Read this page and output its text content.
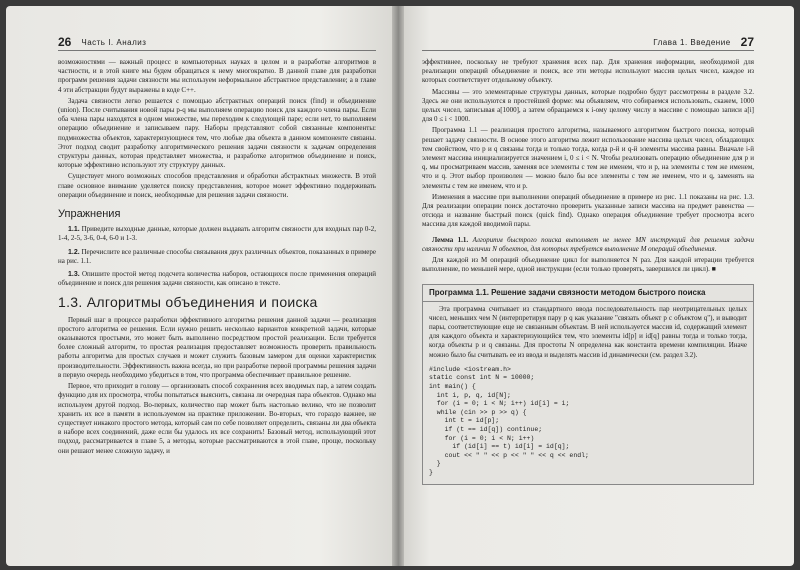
26 Часть I. Анализ

возможностями — важный процесс в компьютерных науках в целом и в разработке алгоритмов в частности, и в этой книге мы будем обращаться к нему многократно. В данной главе для разработки программ решения задачи связности мы используем неформальное абстрактное представление; а в главе 4 эти абстракции будут выражены в коде C++.

Задача связности легко решается с помощью абстрактных операций поиск (find) и объединение (union). После считывания новой пары p-q мы выполняем операцию поиск для каждого члена пары. Если оба члена пары находятся в одном множестве, мы переходим к следующей паре; если нет, то выполняем операцию объединение и записываем пару. Наборы представляют собой связанные компоненты: подмножества объектов, характеризующиеся тем, что любые два объекта в данном компоненте связаны. Этот подход сводит разработку алгоритмического решения задачи связности к задачам определения структуры данных, которая представляет множества, и разработке алгоритмов объединение и поиск, которые эффективно используют эту структуру данных.

Существует много возможных способов представления и обработки абстрактных множеств. В этой главе основное внимание уделяется поиску представления, которое может эффективно поддерживать операции объединение и поиск, необходимые для решения задачи связности.

Упражнения
1.1. Приведите выходные данные, которые должен выдавать алгоритм связности для входных пар 0-2, 1-4, 2-5, 3-6, 0-4, 6-0 и 1-3.
1.2. Перечислите все различные способы связывания двух различных объектов, показанных в примере на рис. 1.1.
1.3. Опишите простой метод подсчета количества наборов, остающихся после применения операций объединение и поиск для решения задачи связности, как описано в тексте.
1.3. Алгоритмы объединения и поиска

Первый шаг в процессе разработки эффективного алгоритма решения данной задачи — реализация простого алгоритма ее решения. Если нужно решить несколько вариантов конкретной задачи, которые оказываются простыми, это может быть выполнено посредством простой реализации. Если требуется более сложный алгоритм, то простая реализация предоставляет возможность проверить правильность работы алгоритма для простых случаев и может служить базовым замером для оценки характеристик производительности. Эффективность важна всегда, но при разработке первой программы решения задачи в первую очередь необходимо убедиться в том, что программа обеспечивает правильное решение.

Первое, что приходит в голову — организовать способ сохранения всех вводимых пар, а затем создать функцию для их просмотра, чтобы попытаться выяснить, связана ли очередная пара объектов. Однако мы используем другой подход. Во-первых, количество пар может быть настолько велико, что не позволит хранить их все в памяти в используемом на практике приложении. Во-вторых, что гораздо важнее, не существует никакого простого метода, который сам по себе позволяет определить, связаны ли два объекта в наборе всех соединений, даже если бы удалось их все сохранить! Базовый метод, использующий этот подход, рассматривается в главе 5, а методы, которые рассматриваются в этой главе, проще, поскольку они решают менее сложную задачу, и

Глава 1. Введение 27

эффективнее, поскольку не требуют хранения всех пар. Для хранения информации, необходимой для реализации операций объединение и поиск, все эти методы используют массив целых чисел, каждое из которых соответствует отдельному объекту.

Массивы — это элементарные структуры данных, которые подробно будут рассмотрены в разделе 3.2. Здесь же они используются в простейшей форме: мы объявляем, что собираемся использовать, скажем, 1000 целых чисел, записывая a[1000], а затем обращаемся к i-ому целому числу в массиве с помощью записи a[i] для 0 ≤ i < 1000.

Программа 1.1 — реализация простого алгоритма, называемого алгоритмом быстрого поиска, который решает задачу связности. В основе этого алгоритма лежит использование массива целых чисел, обладающих тем свойством, что p и q связаны тогда и только тогда, когда p-й и q-й элементы массива равны. Вначале i-й элемент массива инициализируется значением i, 0 ≤ i < N. Чтобы реализовать операцию объединение для p и q, мы просматриваем массив, заменяя все элементы с тем же именем, что и p, на элементы с тем же именем, что и q. Этот выбор произволен — можно было бы все элементы с тем же именем, что и q, заменять на элементы с тем же именем, что и p.

Изменения в массиве при выполнении операций объединение в примере из рис. 1.1 показаны на рис. 1.3. Для реализации операции поиск достаточно проверить указанные записи массива на предмет равенства — отсюда и название быстрый поиск (quick find). Однако операция объединение требует просмотра всего массива для каждой вводимой пары.

Лемма 1.1. Алгоритм быстрого поиска выполняет не менее MN инструкций для решения задачи связности при наличии N объектов, для которых требуется выполнение M операций объединения.

Для каждой из M операций объединение цикл for выполняется N раз. Для каждой итерации требуется выполнение, по меньшей мере, одной инструкции (если только проверять, завершился ли цикл). ■

Программа 1.1. Решение задачи связности методом быстрого поиска

Эта программа считывает из стандартного ввода последовательность пар неотрицательных целых чисел, меньших чем N (интерпретируя пару p q как указание "связать объект p с объектом q"), и выводит пары, соответствующие еще не связанным объектам. В ней используется массив id, содержащий элемент для каждого объекта и характеризующийся тем, что элементы id[p] и id[q] равны тогда и только тогда, когда объекты p и q связаны. Для простоты N определена как константа времени компиляции. Иначе можно было бы считывать ее из ввода и выделять массив id динамически (см. раздел 3.2).

#include <iostream.h>
static const int N = 10000;
int main() {
int i, p, q, id[N];
for (i = 0; i < N; i++) id[i] = i;
while (cin >> p >> q) {
int t = id[p];
if (t == id[q]) continue;
for (i = 0; i < N; i++)
if (id[i] == t) id[i] = id[q];
cout << " " << p << " " << q << endl;
}
}
